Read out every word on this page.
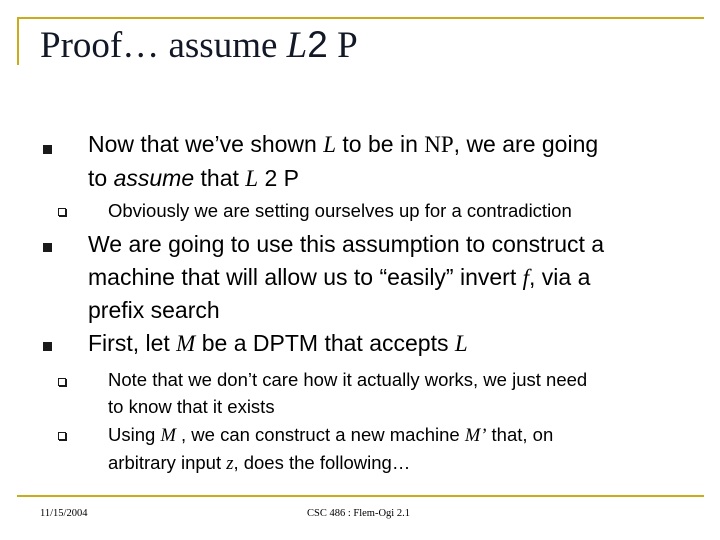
Proof… assume L2 P
Now that we’ve shown L to be in NP, we are going
to assume that L 2 P
Obviously we are setting ourselves up for a contradiction
We are going to use this assumption to construct a
machine that will allow us to “easily” invert f, via a
prefix search
First, let M be a DPTM that accepts L
Note that we don’t care how it actually works, we just need
to know that it exists
Using M , we can construct a new machine M’ that, on
arbitrary input z, does the following…
11/15/2004	CSC 486 : Flem-Ogi 2.1
